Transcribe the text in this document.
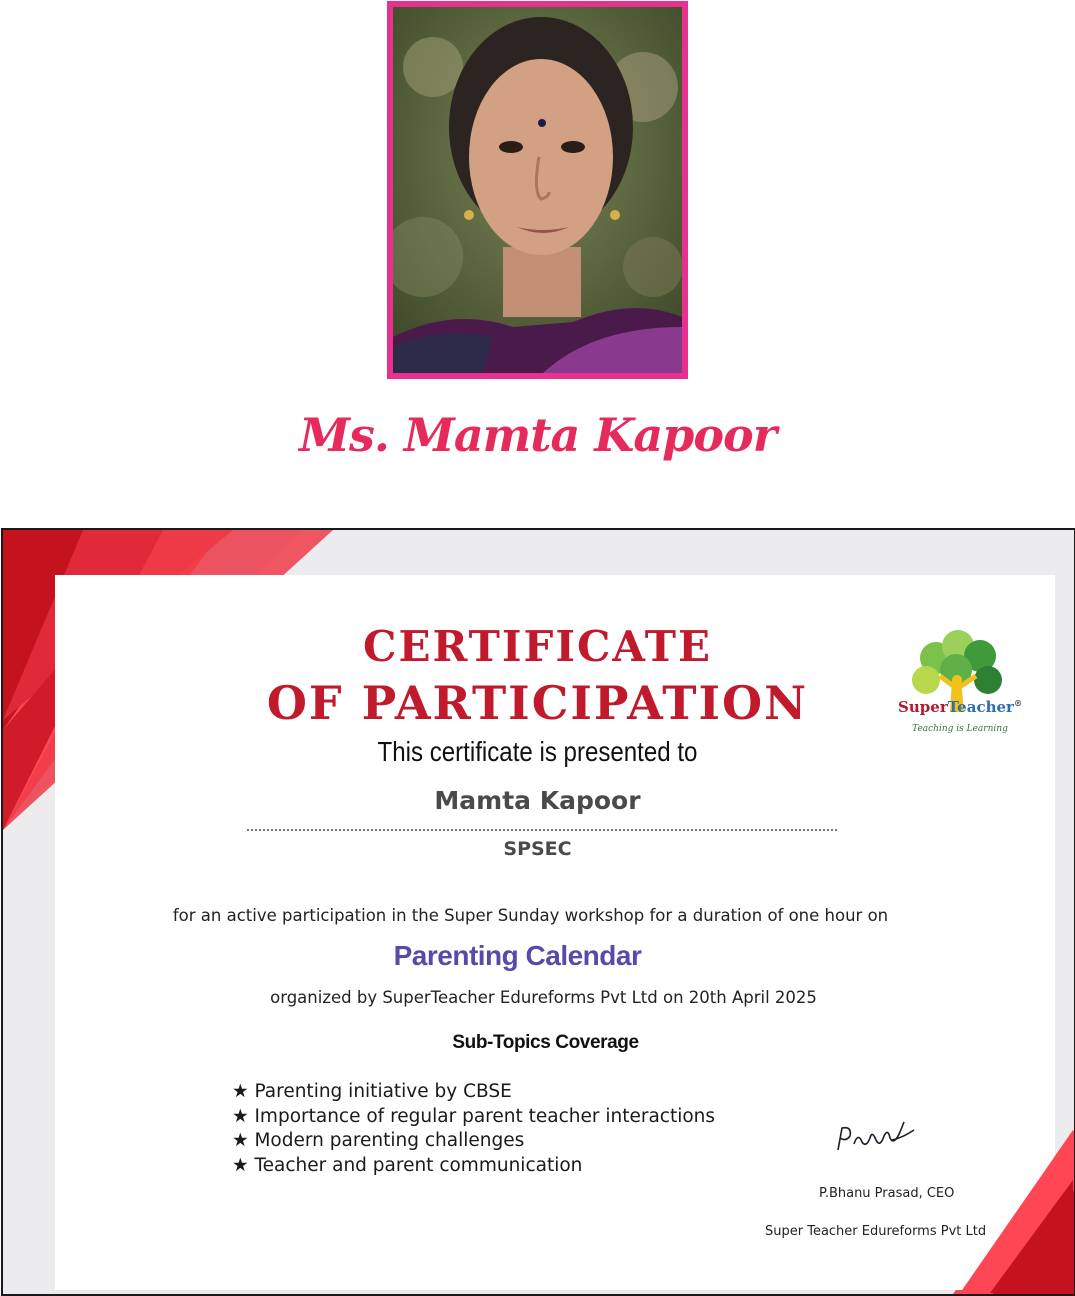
Ms. Mamta Kapoor
CERTIFICATE
OF PARTICIPATION

This certificate is presented to

Mamta Kapoor

SPSEC

for an active participation in the Super Sunday workshop for a duration of one hour on

Parenting Calendar

organized by SuperTeacher Edureforms Pvt Ltd on 20th April 2025

Sub-Topics Coverage

★ Parenting initiative by CBSE
★ Importance of regular parent teacher interactions
★ Modern parenting challenges
★ Teacher and parent communication
SuperTeacher®
Teaching is Learning
P.Bhanu Prasad, CEO
Super Teacher Edureforms Pvt Ltd
